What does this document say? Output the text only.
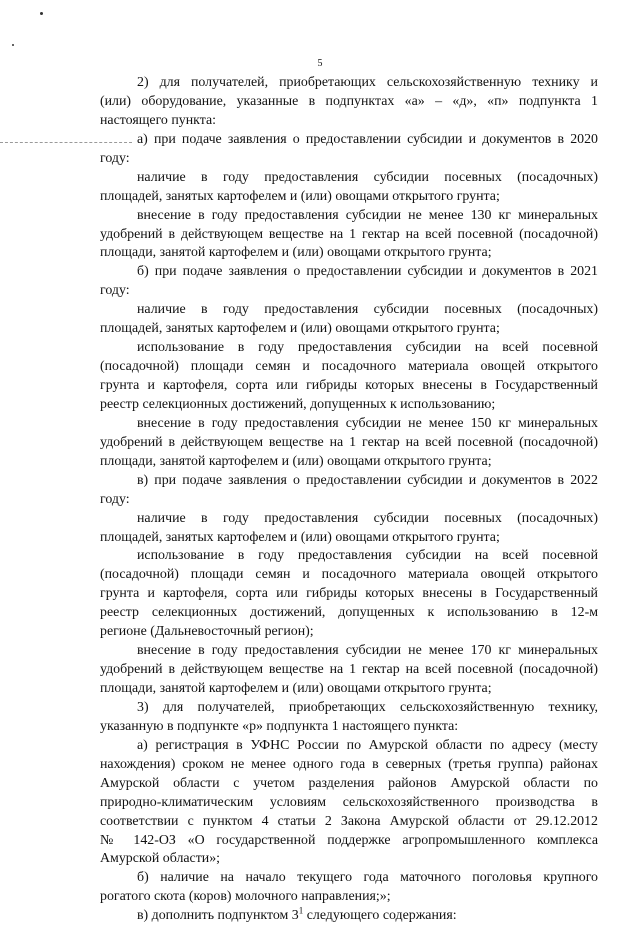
5
2) для получателей, приобретающих сельскохозяйственную технику и
(или) оборудование, указанные в подпунктах «а» – «д», «п» подпункта 1
настоящего пункта:
а) при подаче заявления о предоставлении субсидии и документов в 2020
году:
наличие в году предоставления субсидии посевных (посадочных)
площадей, занятых картофелем и (или) овощами открытого грунта;
внесение в году предоставления субсидии не менее 130 кг минеральных
удобрений в действующем веществе на 1 гектар на всей посевной (посадочной)
площади, занятой картофелем и (или) овощами открытого грунта;
б) при подаче заявления о предоставлении субсидии и документов в 2021
году:
наличие в году предоставления субсидии посевных (посадочных)
площадей, занятых картофелем и (или) овощами открытого грунта;
использование в году предоставления субсидии на всей посевной
(посадочной) площади семян и посадочного материала овощей открытого
грунта и картофеля, сорта или гибриды которых внесены в Государственный
реестр селекционных достижений, допущенных к использованию;
внесение в году предоставления субсидии не менее 150 кг минеральных
удобрений в действующем веществе на 1 гектар на всей посевной (посадочной)
площади, занятой картофелем и (или) овощами открытого грунта;
в) при подаче заявления о предоставлении субсидии и документов в 2022
году:
наличие в году предоставления субсидии посевных (посадочных)
площадей, занятых картофелем и (или) овощами открытого грунта;
использование в году предоставления субсидии на всей посевной
(посадочной) площади семян и посадочного материала овощей открытого
грунта и картофеля, сорта или гибриды которых внесены в Государственный
реестр селекционных достижений, допущенных к использованию в 12-м
регионе (Дальневосточный регион);
внесение в году предоставления субсидии не менее 170 кг минеральных
удобрений в действующем веществе на 1 гектар на всей посевной (посадочной)
площади, занятой картофелем и (или) овощами открытого грунта;
3) для получателей, приобретающих сельскохозяйственную технику,
указанную в подпункте «р» подпункта 1 настоящего пункта:
а) регистрация в УФНС России по Амурской области по адресу (месту
нахождения) сроком не менее одного года в северных (третья группа) районах
Амурской области с учетом разделения районов Амурской области по
природно-климатическим условиям сельскохозяйственного производства в
соответствии с пунктом 4 статьи 2 Закона Амурской области от 29.12.2012
№ 142-ОЗ «О государственной поддержке агропромышленного комплекса
Амурской области»;
б) наличие на начало текущего года маточного поголовья крупного
рогатого скота (коров) молочного направления;»;
в) дополнить подпунктом $3^1$ следующего содержания:
